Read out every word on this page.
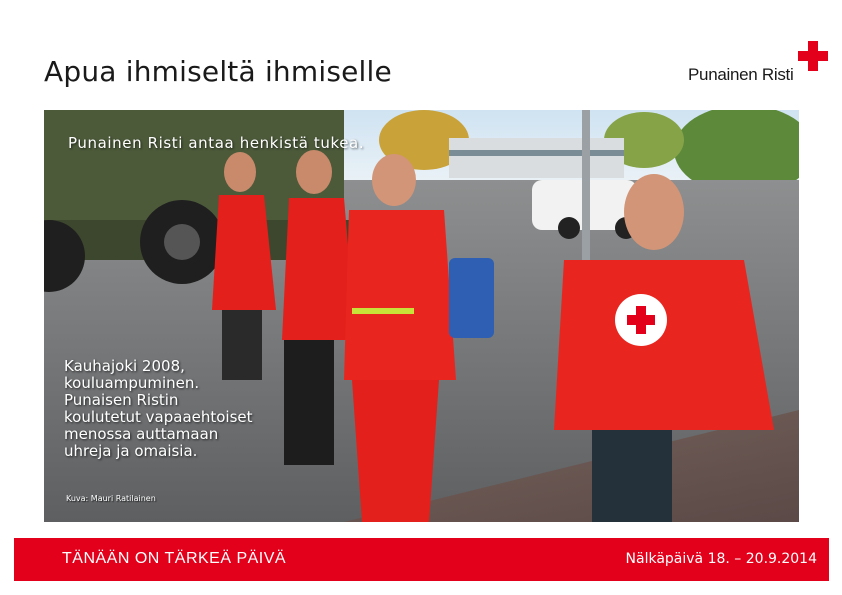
Apua ihmiseltä ihmiselle	Punainen Risti
Punainen Risti antaa henkistä tukea.
Kauhajoki 2008,
kouluampuminen.
Punaisen Ristin
koulutetut vapaaehtoiset
menossa auttamaan
uhreja ja omaisia.
Kuva: Mauri Ratilainen
TÄNÄÄN ON TÄRKEÄ PÄIVÄ	Nälkäpäivä 18. – 20.9.2014
